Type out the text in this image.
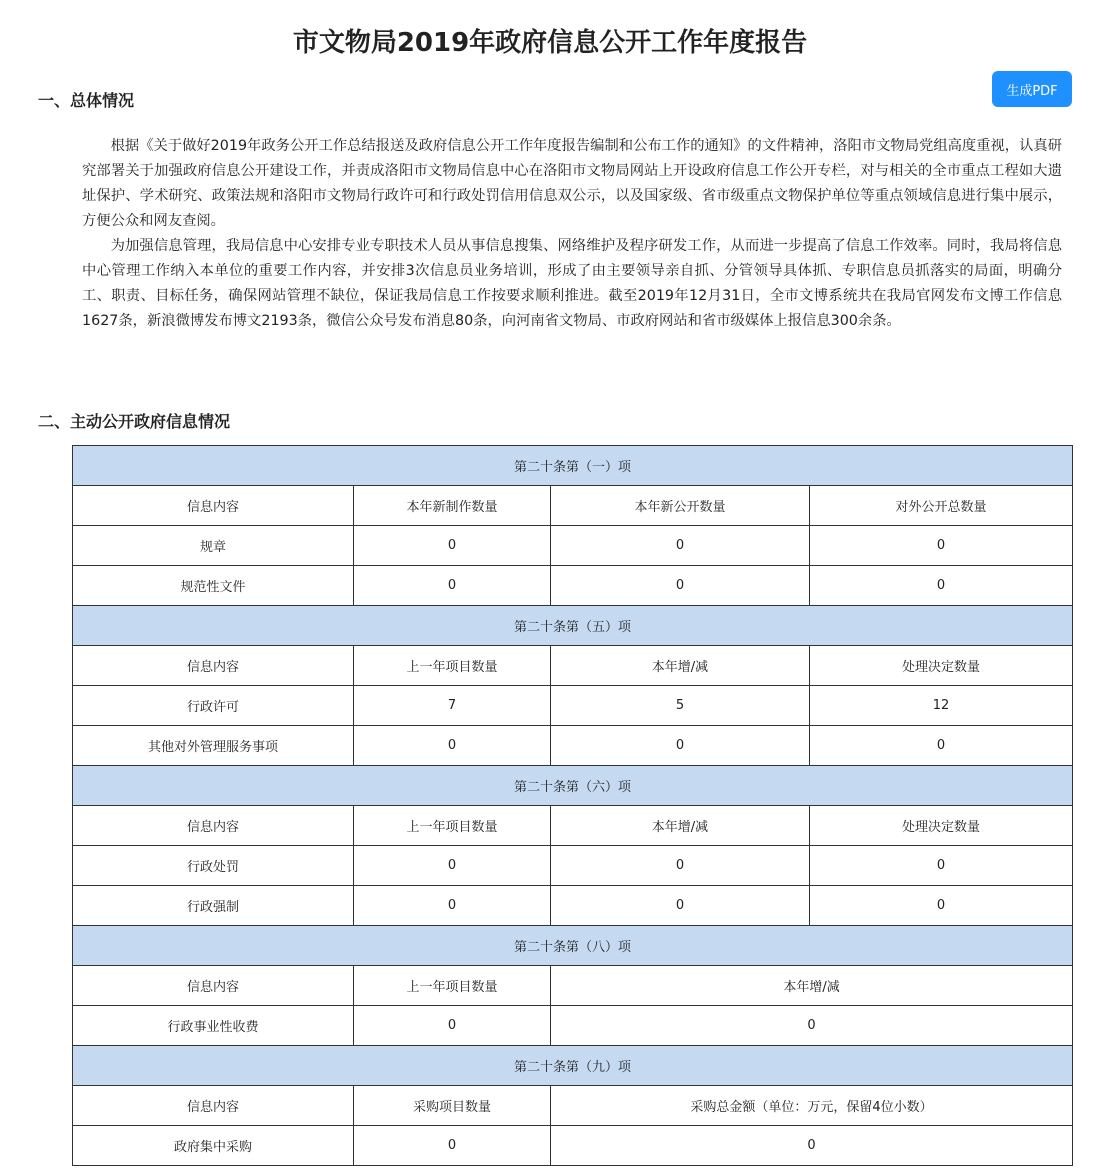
市文物局2019年政府信息公开工作年度报告
生成PDF
一、总体情况

根据《关于做好2019年政务公开工作总结报送及政府信息公开工作年度报告编制和公布工作的通知》的文件精神，洛阳市文物局党组高度重视，认真研究部署关于加强政府信息公开建设工作，并责成洛阳市文物局信息中心在洛阳市文物局网站上开设政府信息工作公开专栏，对与相关的全市重点工程如大遗址保护、学术研究、政策法规和洛阳市文物局行政许可和行政处罚信用信息双公示，以及国家级、省市级重点文物保护单位等重点领域信息进行集中展示，方便公众和网友查阅。

为加强信息管理，我局信息中心安排专业专职技术人员从事信息搜集、网络维护及程序研发工作，从而进一步提高了信息工作效率。同时，我局将信息中心管理工作纳入本单位的重要工作内容，并安排3次信息员业务培训，形成了由主要领导亲自抓、分管领导具体抓、专职信息员抓落实的局面，明确分工、职责、目标任务，确保网站管理不缺位，保证我局信息工作按要求顺利推进。截至2019年12月31日，全市文博系统共在我局官网发布文博工作信息1627条，新浪微博发布博文2193条，微信公众号发布消息80条，向河南省文物局、市政府网站和省市级媒体上报信息300余条。

二、主动公开政府信息情况
第二十条第（一）项			
信息内容	本年新制作数量	本年新公开数量	对外公开总数量
规章	0	0	0
规范性文件	0	0	0
第二十条第（五）项			
信息内容	上一年项目数量	本年增/减	处理决定数量
行政许可	7	5	12
其他对外管理服务事项	0	0	0
第二十条第（六）项			
信息内容	上一年项目数量	本年增/减	处理决定数量
行政处罚	0	0	0
行政强制	0	0	0
第二十条第（八）项			
信息内容	上一年项目数量	本年增/减	
行政事业性收费	0	0	
第二十条第（九）项			
信息内容	采购项目数量	采购总金额（单位：万元，保留4位小数）	
政府集中采购	0	0	
